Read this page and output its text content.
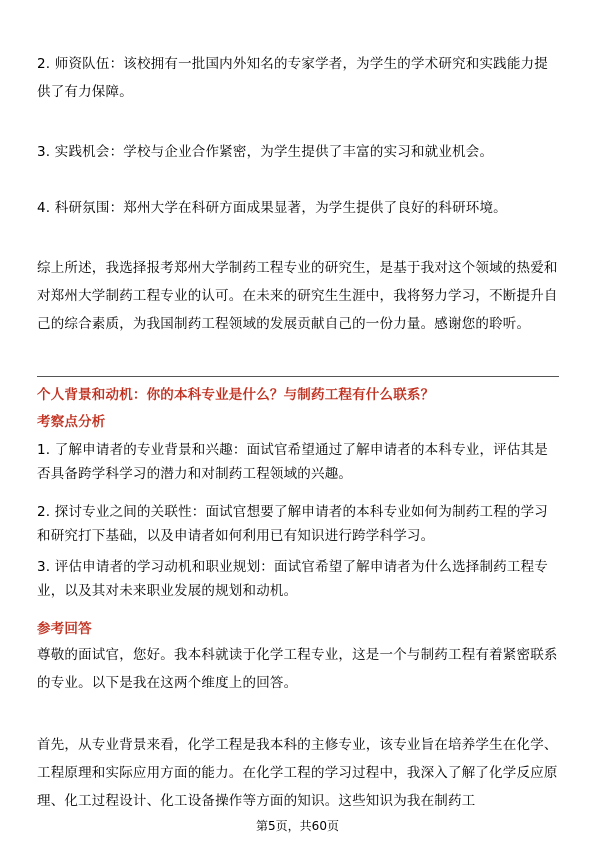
2. 师资队伍：该校拥有一批国内外知名的专家学者，为学生的学术研究和实践能力提供了有力保障。

3. 实践机会：学校与企业合作紧密，为学生提供了丰富的实习和就业机会。

4. 科研氛围：郑州大学在科研方面成果显著，为学生提供了良好的科研环境。

综上所述，我选择报考郑州大学制药工程专业的研究生，是基于我对这个领域的热爱和对郑州大学制药工程专业的认可。在未来的研究生生涯中，我将努力学习，不断提升自己的综合素质，为我国制药工程领域的发展贡献自己的一份力量。感谢您的聆听。

个人背景和动机：你的本科专业是什么？与制药工程有什么联系？

考察点分析

1. 了解申请者的专业背景和兴趣：面试官希望通过了解申请者的本科专业，评估其是否具备跨学科学习的潜力和对制药工程领域的兴趣。

2. 探讨专业之间的关联性：面试官想要了解申请者的本科专业如何为制药工程的学习和研究打下基础，以及申请者如何利用已有知识进行跨学科学习。

3. 评估申请者的学习动机和职业规划：面试官希望了解申请者为什么选择制药工程专业，以及其对未来职业发展的规划和动机。

参考回答

尊敬的面试官，您好。我本科就读于化学工程专业，这是一个与制药工程有着紧密联系的专业。以下是我在这两个维度上的回答。

首先，从专业背景来看，化学工程是我本科的主修专业，该专业旨在培养学生在化学、工程原理和实际应用方面的能力。在化学工程的学习过程中，我深入了解了化学反应原理、化工过程设计、化工设备操作等方面的知识。这些知识为我在制药工

第5页，共60页
